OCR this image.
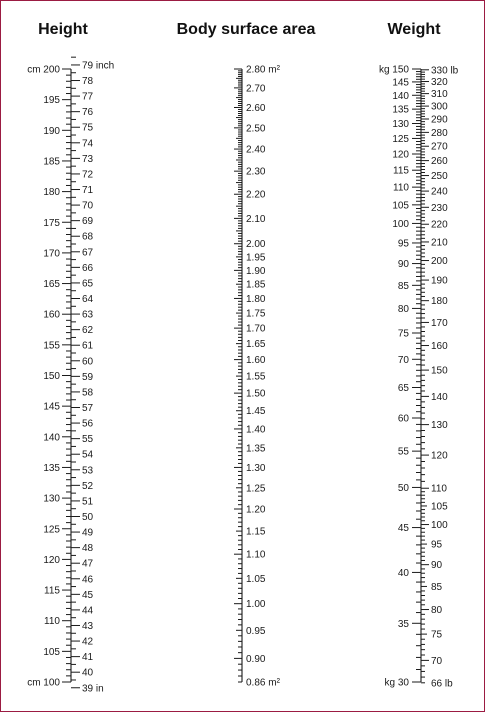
Height	Body surface area	Weight
195
190
185
180
175
170
165
160
155
150
145
140
135
130
125
120
115
110
105
cm 200
cm 100
78
77
76
75
74
73
72
71
70
69
68
67
66
65
64
63
62
61
60
59
58
57
56
55
54
53
52
51
50
49
48
47
46
45
44
43
42
41
40
79 inch
39 in
2.70
2.60
2.50
2.40
2.30
2.20
2.10
2.00
1.95
1.90
1.85
1.80
1.75
1.70
1.65
1.60
1.55
1.50
1.45
1.40
1.35
1.30
1.25
1.20
1.15
1.10
1.05
1.00
0.95
0.90
2.80 m²
0.86 m²
145
140
135
130
125
120
115
110
105
100
95
90
85
80
75
70
65
60
55
50
45
40
35
kg 150
kg 30
320
310
300
290
280
270
260
250
240
230
220
210
200
190
180
170
160
150
140
130
120
110
105
100
95
90
85
80
75
70
330 lb
66 lb
